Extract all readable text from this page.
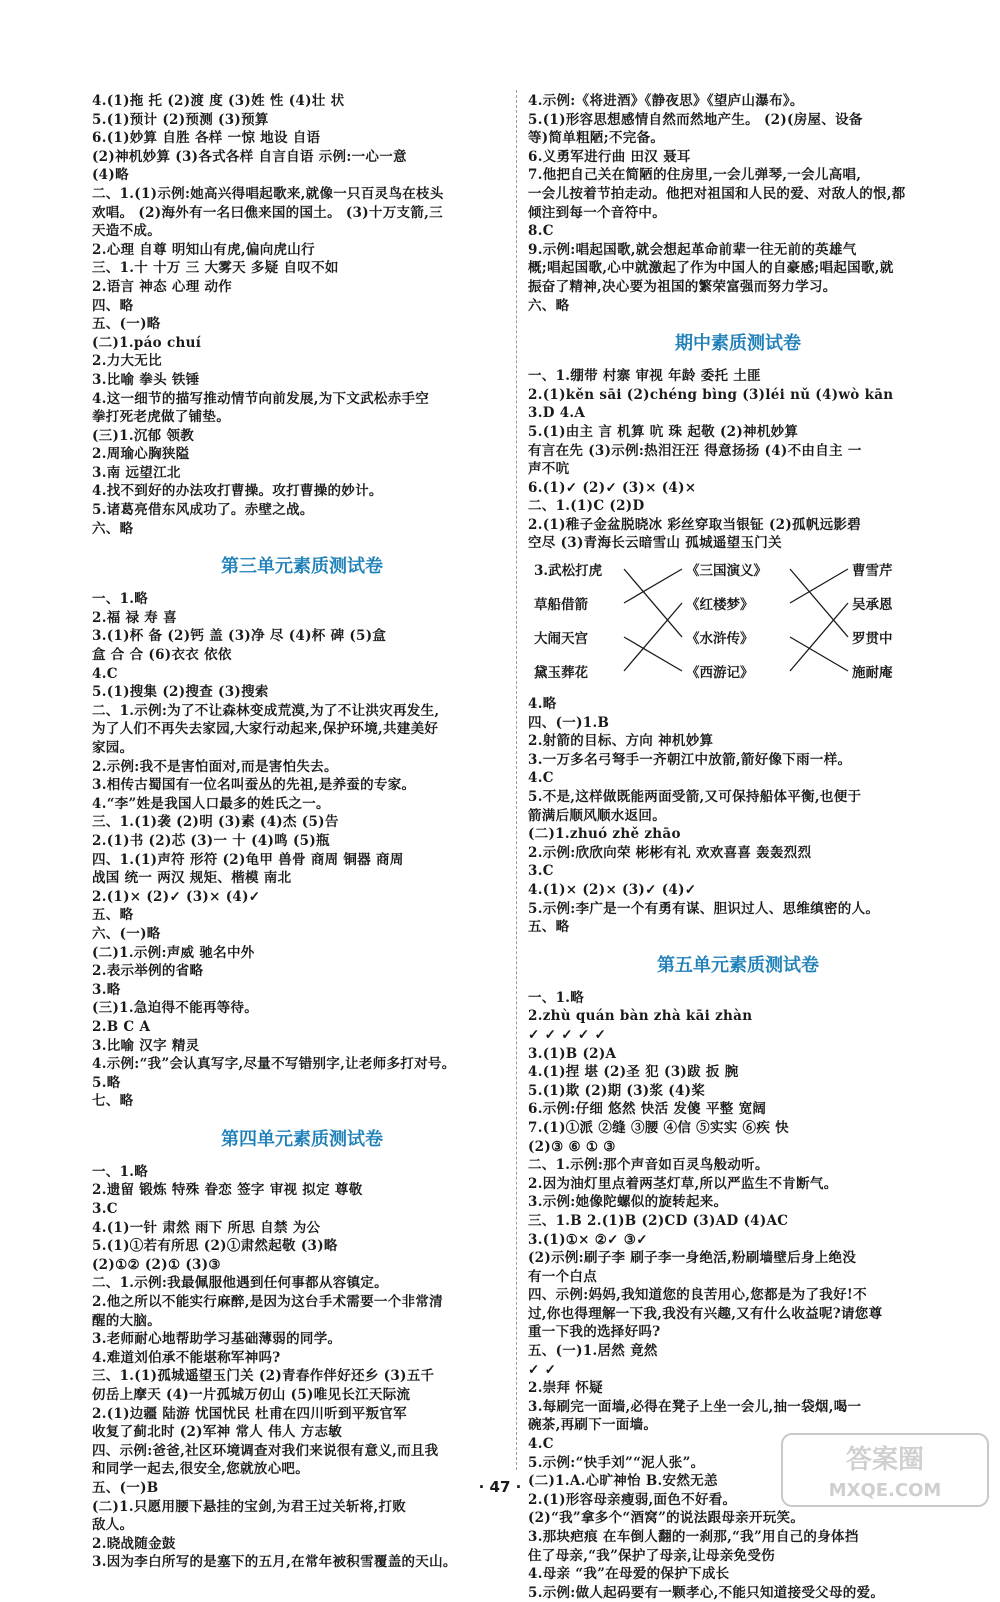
4.(1)拖 托 (2)渡 度 (3)姓 性 (4)壮 状
5.(1)预计 (2)预测 (3)预算
6.(1)妙算 自胜 各样 一惊 地设 自语
(2)神机妙算 (3)各式各样 自言自语 示例:一心一意
(4)略
二、1.(1)示例:她高兴得唱起歌来,就像一只百灵鸟在枝头
欢唱。 (2)海外有一名曰僬来国的国土。 (3)十万支箭,三
天造不成。
2.心理 自尊 明知山有虎,偏向虎山行
三、1.十 十万 三 大雾天 多疑 自叹不如
2.语言 神态 心理 动作
四、略
五、(一)略
(二)1.páo chuí
2.力大无比
3.比喻 拳头 铁锤
4.这一细节的描写推动情节向前发展,为下文武松赤手空
拳打死老虎做了铺垫。
(三)1.沉郁 领教
2.周瑜心胸狭隘
3.南 远望江北
4.找不到好的办法攻打曹操。攻打曹操的妙计。
5.诸葛亮借东风成功了。赤壁之战。
六、略
第三单元素质测试卷
一、1.略
2.福 禄 寿 喜
3.(1)杯 备 (2)钙 盖 (3)净 尽 (4)杯 碑 (5)盒
盒 合 合 (6)衣衣 依依
4.C
5.(1)搜集 (2)搜查 (3)搜索
二、1.示例:为了不让森林变成荒漠,为了不让洪灾再发生,
为了人们不再失去家园,大家行动起来,保护环境,共建美好
家园。
2.示例:我不是害怕面对,而是害怕失去。
3.相传古蜀国有一位名叫蚕丛的先祖,是养蚕的专家。
4.“李”姓是我国人口最多的姓氏之一。
三、1.(1)袭 (2)明 (3)素 (4)杰 (5)告
2.(1)书 (2)芯 (3)一 十 (4)鸣 (5)瓶
四、1.(1)声符 形符 (2)龟甲 兽骨 商周 铜器 商周
战国 统一 两汉 规矩、楷模 南北
2.(1)× (2)✓ (3)× (4)✓
五、略
六、(一)略
(二)1.示例:声威 驰名中外
2.表示举例的省略
3.略
(三)1.急迫得不能再等待。
2.B C A
3.比喻 汉字 精灵
4.示例:“我”会认真写字,尽量不写错别字,让老师多打对号。
5.略
七、略
第四单元素质测试卷
一、1.略
2.遗留 锻炼 特殊 眷恋 签字 审视 拟定 尊敬
3.C
4.(1)一针 肃然 雨下 所思 自禁 为公
5.(1)①若有所思 (2)①肃然起敬 (3)略
(2)①② (2)① (3)③
二、1.示例:我最佩服他遇到任何事都从容镇定。
2.他之所以不能实行麻醉,是因为这台手术需要一个非常清
醒的大脑。
3.老师耐心地帮助学习基础薄弱的同学。
4.难道刘伯承不能堪称军神吗?
三、1.(1)孤城遥望玉门关 (2)青春作伴好还乡 (3)五千
仞岳上摩天 (4)一片孤城万仞山 (5)唯见长江天际流
2.(1)边疆 陆游 忧国忧民 杜甫在四川听到平叛官军
收复了蓟北时 (2)军神 常人 伟人 方志敏
四、示例:爸爸,社区环境调查对我们来说很有意义,而且我
和同学一起去,很安全,您就放心吧。
五、(一)B
(二)1.只愿用腰下悬挂的宝剑,为君王过关斩将,打败
敌人。
2.晓战随金鼓
3.因为李白所写的是塞下的五月,在常年被积雪覆盖的天山。
4.示例:《将进酒》《静夜思》《望庐山瀑布》。
5.(1)形容思想感情自然而然地产生。 (2)(房屋、设备
等)简单粗陋;不完备。
6.义勇军进行曲 田汉 聂耳
7.他把自己关在简陋的住房里,一会儿弹琴,一会儿高唱,
一会儿按着节拍走动。他把对祖国和人民的爱、对敌人的恨,都
倾注到每一个音符中。
8.C
9.示例:唱起国歌,就会想起革命前辈一往无前的英雄气
概;唱起国歌,心中就激起了作为中国人的自豪感;唱起国歌,就
振奋了精神,决心要为祖国的繁荣富强而努力学习。
六、略
期中素质测试卷
一、1.绷带 村寨 审视 年龄 委托 土匪
2.(1)kěn sāi (2)chéng bìng (3)léi nǔ (4)wò kān
3.D 4.A
5.(1)由主 言 机算 吭 珠 起敬 (2)神机妙算
有言在先 (3)示例:热泪汪汪 得意扬扬 (4)不由自主 一
声不吭
6.(1)✓ (2)✓ (3)× (4)×
二、1.(1)C (2)D
2.(1)稚子金盆脱晓冰 彩丝穿取当银钲 (2)孤帆远影碧
空尽 (3)青海长云暗雪山 孤城遥望玉门关
3.武松打虎
草船借箭
大闹天宫
黛玉葬花
《三国演义》
《红楼梦》
《水浒传》
《西游记》
曹雪芹
吴承恩
罗贯中
施耐庵
4.略
四、(一)1.B
2.射箭的目标、方向 神机妙算
3.一万多名弓弩手一齐朝江中放箭,箭好像下雨一样。
4.C
5.不是,这样做既能两面受箭,又可保持船体平衡,也便于
箭满后顺风顺水返回。
(二)1.zhuó zhě zhāo
2.示例:欣欣向荣 彬彬有礼 欢欢喜喜 轰轰烈烈
3.C
4.(1)× (2)× (3)✓ (4)✓
5.示例:李广是一个有勇有谋、胆识过人、思维缜密的人。
五、略
第五单元素质测试卷
一、1.略
2.zhù quán bàn zhà kāi zhàn
✓ ✓ ✓ ✓ ✓
3.(1)B (2)A
4.(1)捏 堪 (2)圣 犯 (3)跋 扳 腕
5.(1)欺 (2)期 (3)浆 (4)桨
6.示例:仔细 悠然 快活 发傻 平整 宽阔
7.(1)①派 ②缝 ③腰 ④信 ⑤实实 ⑥疾 快
(2)③ ⑥ ① ③
二、1.示例:那个声音如百灵鸟般动听。
2.因为油灯里点着两茎灯草,所以严监生不肯断气。
3.示例:她像陀螺似的旋转起来。
三、1.B 2.(1)B (2)CD (3)AD (4)AC
3.(1)①× ②✓ ③✓
(2)示例:刷子李 刷子李一身绝活,粉刷墙壁后身上绝没
有一个白点
四、示例:妈妈,我知道您的良苦用心,您都是为了我好!不
过,你也得理解一下我,我没有兴趣,又有什么收益呢?请您尊
重一下我的选择好吗?
五、(一)1.居然 竟然
✓ ✓
2.崇拜 怀疑
3.每刷完一面墙,必得在凳子上坐一会儿,抽一袋烟,喝一
碗茶,再刷下一面墙。
4.C
5.示例:“快手刘”“泥人张”。
(二)1.A.心旷神怡 B.安然无恙
2.(1)形容母亲瘦弱,面色不好看。
(2)“我”拿多个“酒窝”的说法跟母亲开玩笑。
3.那块疤痕 在车倒人翻的一刹那,“我”用自己的身体挡
住了母亲,“我”保护了母亲,让母亲免受伤
4.母亲 “我”在母爱的保护下成长
5.示例:做人起码要有一颗孝心,不能只知道接受父母的爱。
· 47 ·
答案圈
MXQE.COM
